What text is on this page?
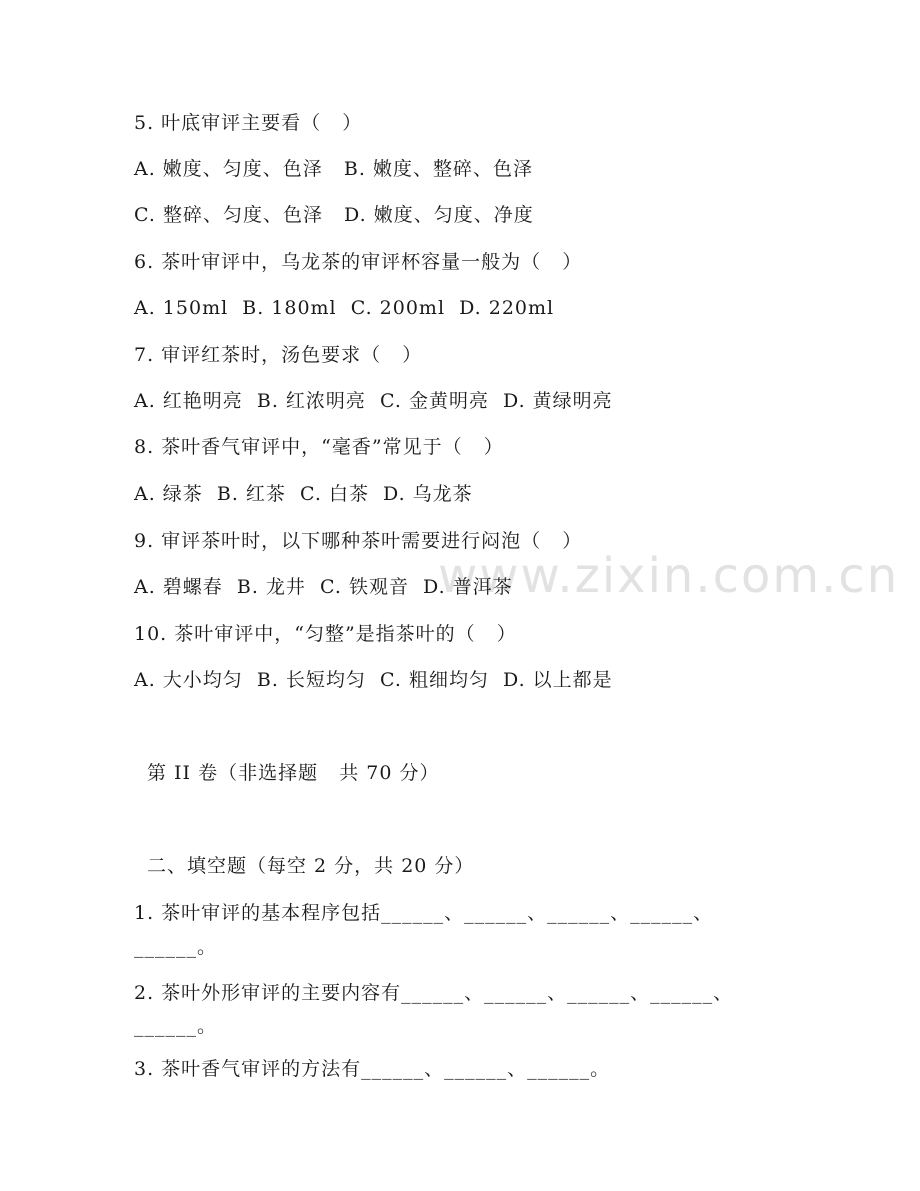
www.zixin.com.cn
5. 叶底审评主要看（   ）
A. 嫩度、匀度、色泽   B. 嫩度、整碎、色泽
C. 整碎、匀度、色泽   D. 嫩度、匀度、净度
6. 茶叶审评中，乌龙茶的审评杯容量一般为（   ）
A. 150ml  B. 180ml  C. 200ml  D. 220ml
7. 审评红茶时，汤色要求（   ）
A. 红艳明亮  B. 红浓明亮  C. 金黄明亮  D. 黄绿明亮
8. 茶叶香气审评中，“毫香”常见于（   ）
A. 绿茶  B. 红茶  C. 白茶  D. 乌龙茶
9. 审评茶叶时，以下哪种茶叶需要进行闷泡（   ）
A. 碧螺春  B. 龙井  C. 铁观音  D. 普洱茶
10. 茶叶审评中，“匀整”是指茶叶的（   ）
A. 大小均匀  B. 长短均匀  C. 粗细均匀  D. 以上都是
第 II 卷（非选择题   共 70 分）
二、填空题（每空 2 分，共 20 分）
1. 茶叶审评的基本程序包括______、______、______、______、
______。
2. 茶叶外形审评的主要内容有______、______、______、______、
______。
3. 茶叶香气审评的方法有______、______、______。
